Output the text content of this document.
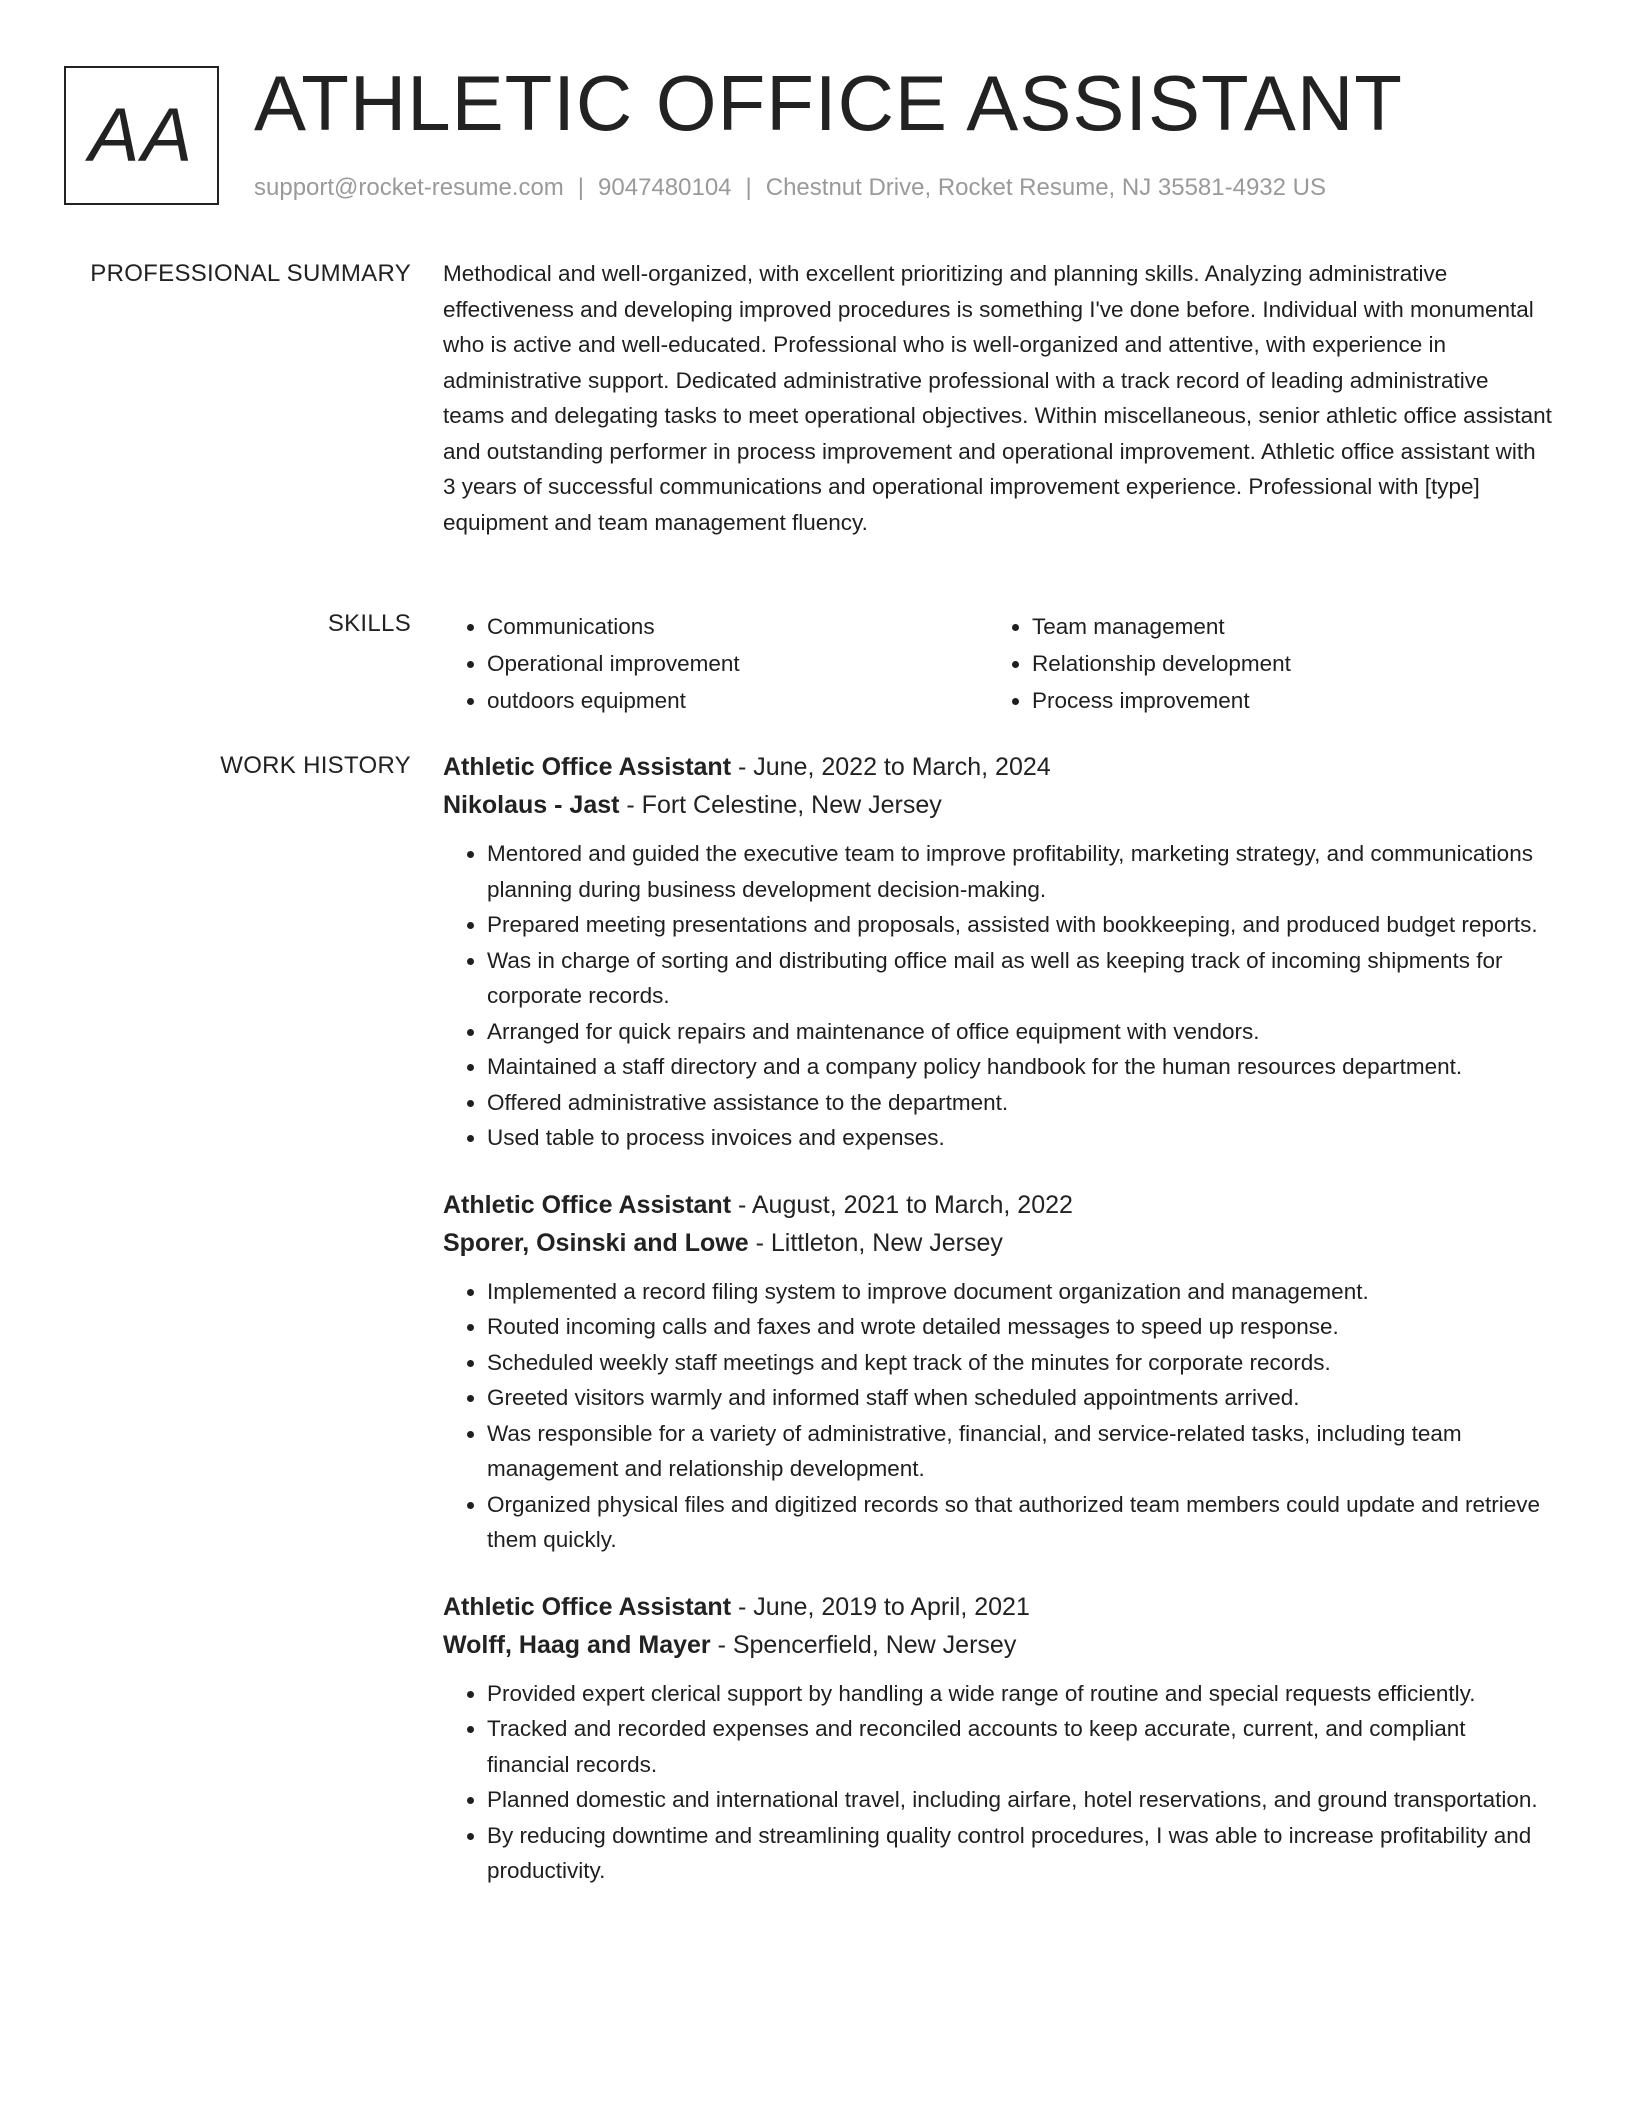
AA ATHLETIC OFFICE ASSISTANT
support@rocket-resume.com | 9047480104 | Chestnut Drive, Rocket Resume, NJ 35581-4932 US
PROFESSIONAL SUMMARY Methodical and well-organized, with excellent prioritizing and planning skills. Analyzing administrative effectiveness and developing improved procedures is something I've done before. Individual with monumental who is active and well-educated. Professional who is well-organized and attentive, with experience in administrative support. Dedicated administrative professional with a track record of leading administrative teams and delegating tasks to meet operational objectives. Within miscellaneous, senior athletic office assistant and outstanding performer in process improvement and operational improvement. Athletic office assistant with 3 years of successful communications and operational improvement experience. Professional with [type] equipment and team management fluency.
SKILLS
•	Communications
• Operational improvement
• outdoors equipment
• Team management
• Relationship development
• Process improvement
WORK HISTORY Athletic Office Assistant - June, 2022 to March, 2024
Nikolaus - Jast - Fort Celestine, New Jersey
• Mentored and guided the executive team to improve profitability, marketing strategy, and communications planning during business development decision-making.
• Prepared meeting presentations and proposals, assisted with bookkeeping, and produced budget reports.
• Was in charge of sorting and distributing office mail as well as keeping track of incoming shipments for corporate records.
• Arranged for quick repairs and maintenance of office equipment with vendors.
• Maintained a staff directory and a company policy handbook for the human resources department.
• Offered administrative assistance to the department.
• Used table to process invoices and expenses.
Athletic Office Assistant - August, 2021 to March, 2022
Sporer, Osinski and Lowe - Littleton, New Jersey
• Implemented a record filing system to improve document organization and management.
• Routed incoming calls and faxes and wrote detailed messages to speed up response.
• Scheduled weekly staff meetings and kept track of the minutes for corporate records.
• Greeted visitors warmly and informed staff when scheduled appointments arrived.
• Was responsible for a variety of administrative, financial, and service-related tasks, including team management and relationship development.
• Organized physical files and digitized records so that authorized team members could update and retrieve them quickly.
Athletic Office Assistant - June, 2019 to April, 2021
Wolff, Haag and Mayer - Spencerfield, New Jersey
• Provided expert clerical support by handling a wide range of routine and special requests efficiently.
• Tracked and recorded expenses and reconciled accounts to keep accurate, current, and compliant financial records.
• Planned domestic and international travel, including airfare, hotel reservations, and ground transportation.
• By reducing downtime and streamlining quality control procedures, I was able to increase profitability and productivity.
